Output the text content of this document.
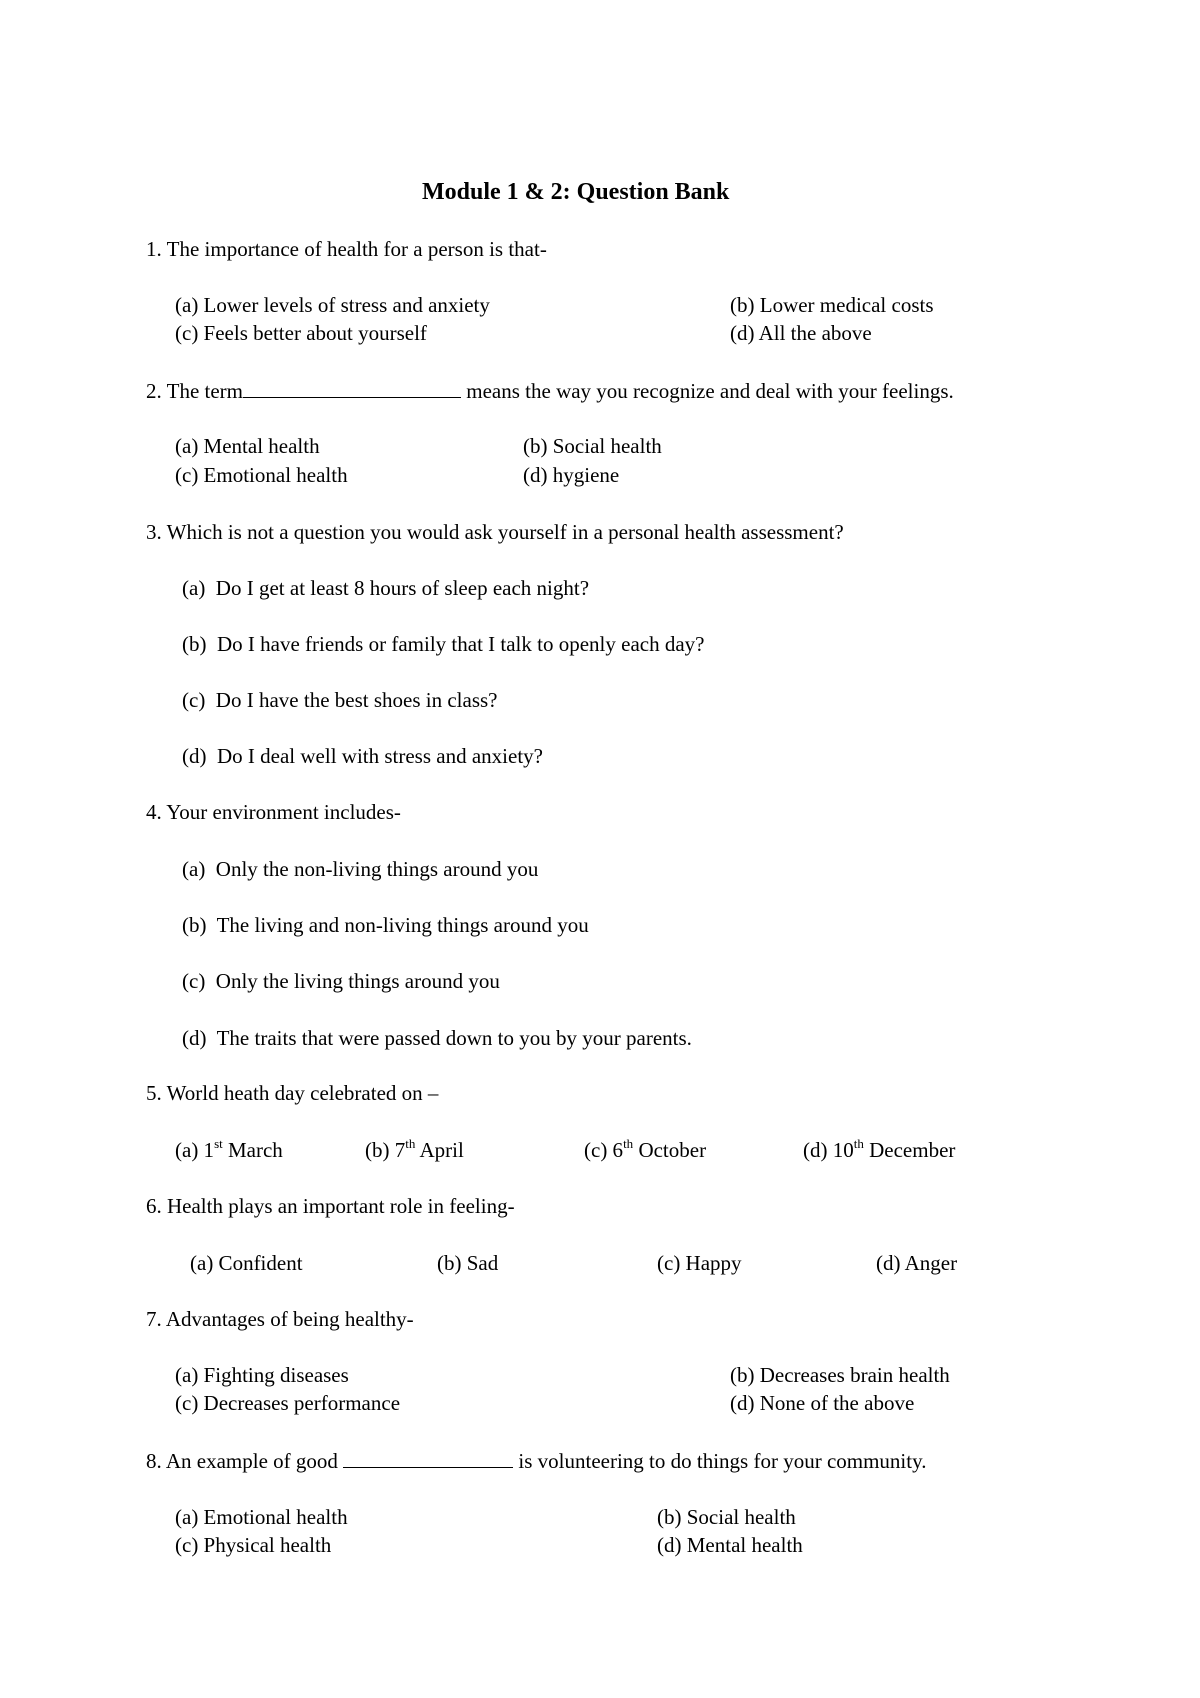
Module 1 & 2: Question Bank
1. The importance of health for a person is that-
(a) Lower levels of stress and anxiety	(b) Lower medical costs
(c) Feels better about yourself	(d) All the above
2. The term	means the way you recognize and deal with your feelings.
(a) Mental health	(b) Social health
(c) Emotional health	(d) hygiene
3. Which is not a question you would ask yourself in a personal health assessment?
(a)  Do I get at least 8 hours of sleep each night?
(b)  Do I have friends or family that I talk to openly each day?
(c)  Do I have the best shoes in class?
(d)  Do I deal well with stress and anxiety?
4. Your environment includes-
(a)  Only the non-living things around you
(b)  The living and non-living things around you
(c)  Only the living things around you
(d)  The traits that were passed down to you by your parents.
5. World heath day celebrated on –
(a) 1st March	(b) 7th April	(c) 6th October	(d) 10th December
6. Health plays an important role in feeling-
(a) Confident	(b) Sad	(c) Happy	(d) Anger
7. Advantages of being healthy-
(a) Fighting diseases	(b) Decreases brain health
(c) Decreases performance	(d) None of the above
8. An example of good	is volunteering to do things for your community.
(a) Emotional health	(b) Social health
(c) Physical health	(d) Mental health
